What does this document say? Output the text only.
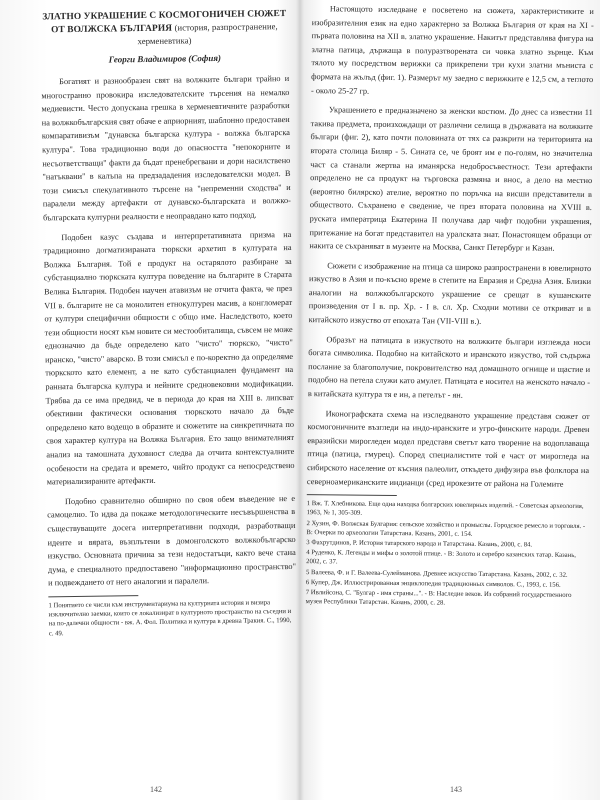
ЗЛАТНО УКРАШЕНИЕ С КОСМОГОНИЧЕН СЮЖЕТ ОТ ВОЛЖСКА БЪЛГАРИЯ (история, разпространение, херменевтика)
Георги Владимиров (София)

Богатият и разнообразен свят на волжките българи трайно и многостранно провокира изследователските търсения на немалко медиевисти. Често допускана грешка в херменевтичните разработки на волжкобългарския свят обаче е априорният, шаблонно предоставен компаративизъм "дунавска българска култура - волжка българска култура". Това традиционно води до опасността "непокорните и несъответстващи" факти да бъдат пренебрегвани и дори насилствено "натъквани" в калъпа на предзададения изследователски модел. В този смисъл спекулативното търсене на "непременни сходства" и паралели между артефакти от дунавско-българската и волжко-българската културни реалности е неоправдано като подход.

Подобен казус създава и интерпретативната призма на традиционно догматизираната тюркски архетип в културата на Волжка България. Той е продукт на остарялото разбиране за субстанциално тюркската култура поведение на българите в Старата Велика България. Подобен научен атавизъм не отчита факта, че през VII в. българите не са монолитен етнокултурен масив, а конгломерат от култури специфични общности с общо име. Наследството, което тези общности носят към новите си местообиталища, съвсем не може еднозначно да бъде определено като "чисто" тюркско, "чисто" иранско, "чисто" аварско. В този смисъл е по-коректно да определяме тюркското като елемент, а не като субстанциален фундамент на ранната българска култура и нейните средновековни модификации. Трябва да се има предвид, че в периода до края на XIII в. липсват обективни фактически основания тюркското начало да бъде определено като водещо в образите и сюжетите на синкретичната по своя характер култура на Волжка България. Ето защо внимателният анализ на тамошната духовност следва да отчита контекстуалните особености на средата и времето, чийто продукт са непосредствено материализираните артефакти.

Подобно сравнително обширно по своя обем въведение не е самоцелно. То идва да покаже методологическите несъвършенства в съществуващите досега интерпретативни подходи, разработващи идеите и вярата, възплътени в домонголското волжкобългарско изкуство. Основната причина за тези недостатъци, както вече стана дума, е специалното предпоставено "информационно пространство" и подвеждането от него аналогии и паралели.

1 Понятието се числи към инструментариума на културната история и визира изключително заемки, които се локализират в културното пространство на съседни и на по-далечни общности - вж. А. Фол. Политика и култура в древна Тракия. С., 1990, с. 49.

Настоящото изследване е посветено на сюжета, характеристиките и изобразителния език на едно характерно за Волжка България от края на XI - първата половина на XII в. златно украшение. Накитът представлява фигура на златна патица, държаща в полуразтворената си човка златно зърнце. Към тялото му посредством верижки са прикрепени три кухи златни мъниста с формата на жълъд (фиг. 1). Размерът му заедно с верижките е 12,5 см, а теглото - около 25-27 гр.

Украшението е предназначено за женски костюм. До днес са известни 11 такива предмета, произхождащи от различни селища в държавата на волжките българи (фиг. 2), като почти половината от тях са разкрити на територията на втората столица Биляр - 5. Сината се, че броят им е по-голям, но значителна част са станали жертва на иманярска недобросъвестност. Тези артефакти определено не са продукт на търговска размяна и внос, а дело на местно (вероятно билярско) ателие, вероятно по поръчка на висши представители в обществото. Съхранено е сведение, че през втората половина на XVIII в. руската императрица Екатерина II получава дар чифт подобни украшения, притежание на богат представител на уралската знат. Понастоящем образци от накита се съхраняват в музеите на Москва, Санкт Петербург и Казан.

Сюжети с изображение на птица са широко разпространени в ювелирното изкуство в Азия и по-късно време в степите на Евразия и Средна Азия. Близки аналогии на волжкобългарското украшение се срещат в кушанските произведения от I в. пр. Хр. - I в. сл. Хр. Сходни мотиви се откриват и в китайското изкуство от епохата Тан (VII-VIII в.).

Образът на патицата в изкуството на волжките българи изглежда носи богата символика. Подобно на китайското и иранското изкуство, той съдържа послание за благополучие, покровителство над домашното огнище и щастие и подобно на петела служи като амулет. Патицата е носител на женското начало - в китайската култура тя е ин, а петелът - ян.

Иконографската схема на изследваното украшение представя сюжет от космогоничните възгледи на индо-иранските и угро-финските народи. Древен евразийски мирогледен модел представя светът като творение на водоплаваща птица (патица, гмурец). Според специалистите той е част от мирогледа на сибирското население от късния палеолит, откъдето дифузира във фолклора на северноамериканските индианци (сред ирокезите от района на Големите

1 Вж. Т. Хлебникова. Еще одна находка болгарских ювелирных изделий. - Советская археология, 1963, № 1, 305-309.
2 Хузин, Ф. Волжская Булгария: сельское хозяйство и промыслы. Городское ремесло и торговля. - В: Очерки по археологии Татарстана. Казань, 2001, с. 154.
3 Фахрутдинов, Р. История татарского народа и Татарстана. Казань, 2000, с. 84.
4 Руденко, К. Легенды и мифы о золотой птице. - В: Золото и серебро казанских татар. Казань, 2002, с. 37.
5 Валеева, Ф. и Г. Валеева-Сулейманова. Древнее искусство Татарстана. Казань, 2002, с. 32.
6 Купер, Дж. Иллюстрированная энциклопедия традиционных символов. С., 1993, с. 156.
7 Ивлийсона, С. "Булгар - имя страны...". - В: Наследие веков. Из собраний государственного музея Республики Татарстан. Казань, 2000, с. 28.
142	143
